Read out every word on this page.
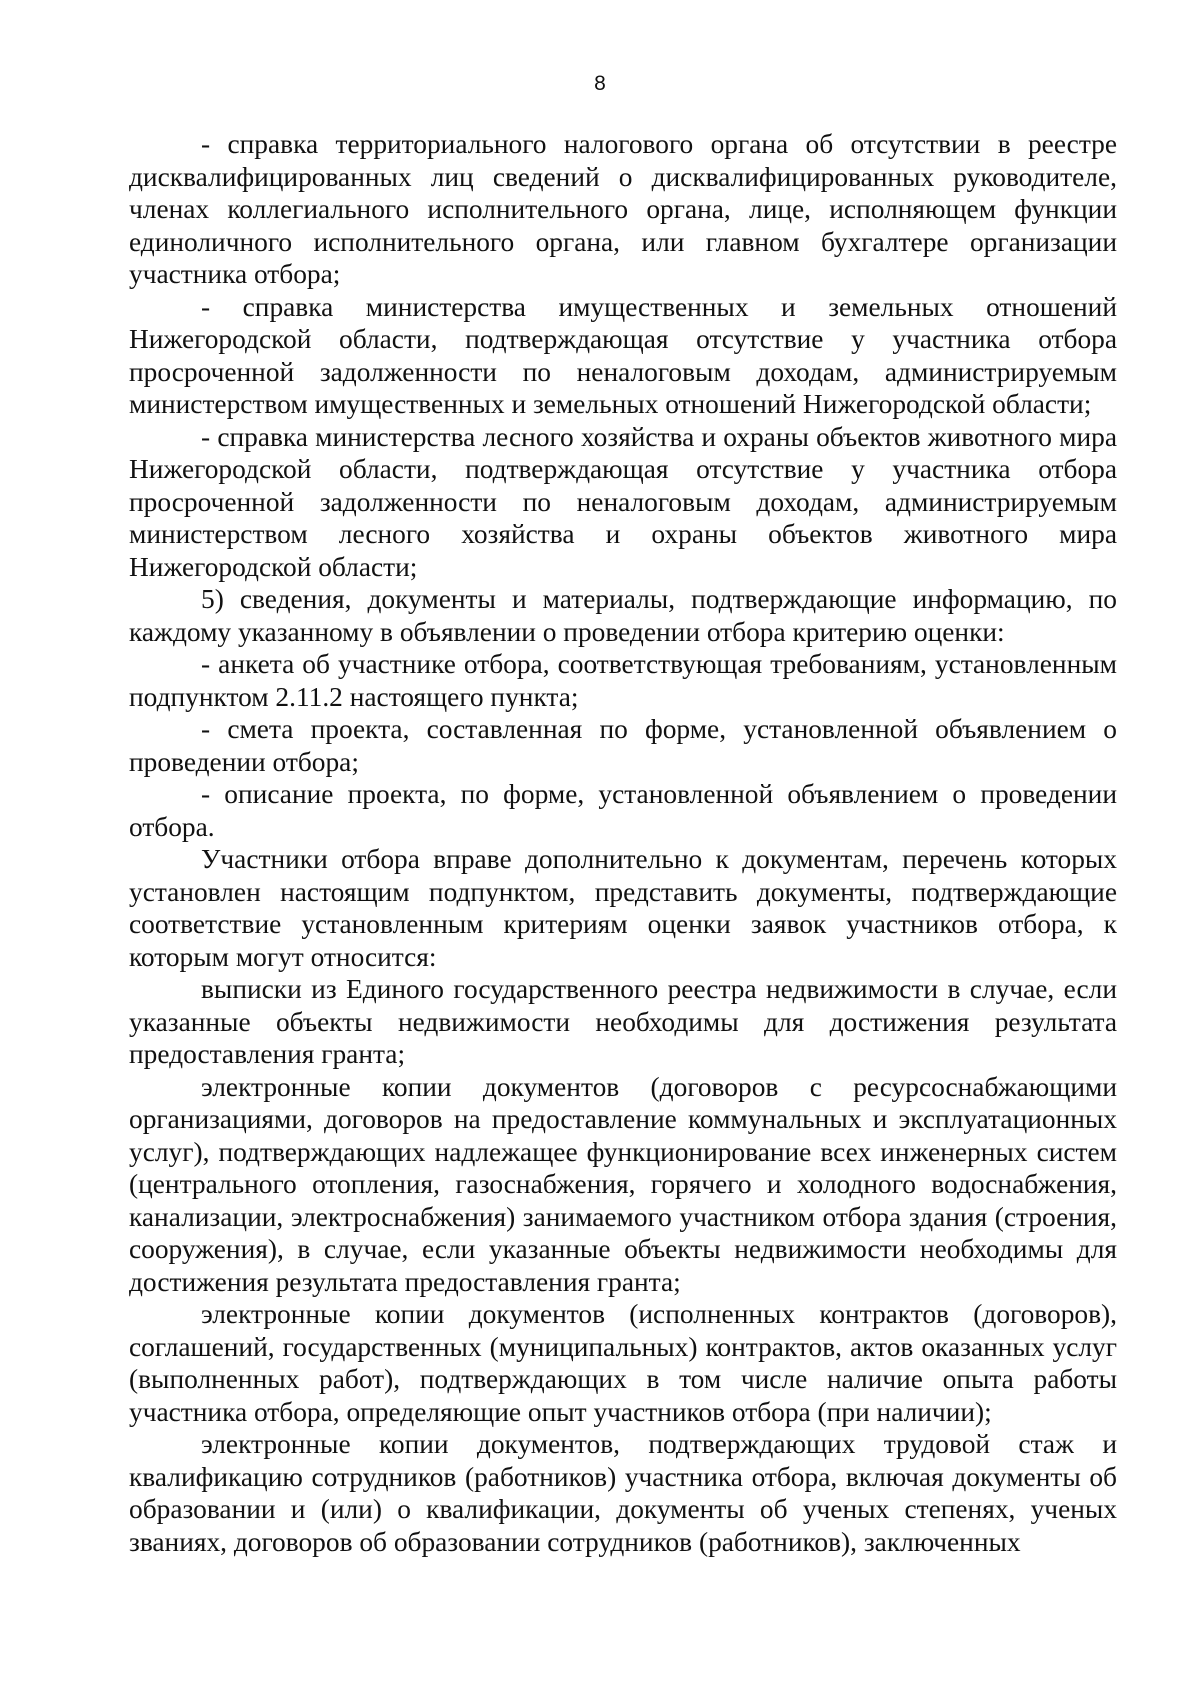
8

- справка территориального налогового органа об отсутствии в реестре дисквалифицированных лиц сведений о дисквалифицированных руководителе, членах коллегиального исполнительного органа, лице, исполняющем функции единоличного исполнительного органа, или главном бухгалтере организации участника отбора;

- справка министерства имущественных и земельных отношений Нижегородской области, подтверждающая отсутствие у участника отбора просроченной задолженности по неналоговым доходам, администрируемым министерством имущественных и земельных отношений Нижегородской области;

- справка министерства лесного хозяйства и охраны объектов животного мира Нижегородской области, подтверждающая отсутствие у участника отбора просроченной задолженности по неналоговым доходам, администрируемым министерством лесного хозяйства и охраны объектов животного мира Нижегородской области;

5) сведения, документы и материалы, подтверждающие информацию, по каждому указанному в объявлении о проведении отбора критерию оценки:

- анкета об участнике отбора, соответствующая требованиям, установленным подпунктом 2.11.2 настоящего пункта;

- смета проекта, составленная по форме, установленной объявлением о проведении отбора;

- описание проекта, по форме, установленной объявлением о проведении отбора.

Участники отбора вправе дополнительно к документам, перечень которых установлен настоящим подпунктом, представить документы, подтверждающие соответствие установленным критериям оценки заявок участников отбора, к которым могут относится:

выписки из Единого государственного реестра недвижимости в случае, если указанные объекты недвижимости необходимы для достижения результата предоставления гранта;

электронные копии документов (договоров с ресурсоснабжающими организациями, договоров на предоставление коммунальных и эксплуатационных услуг), подтверждающих надлежащее функционирование всех инженерных систем (центрального отопления, газоснабжения, горячего и холодного водоснабжения, канализации, электроснабжения) занимаемого участником отбора здания (строения, сооружения), в случае, если указанные объекты недвижимости необходимы для достижения результата предоставления гранта;

электронные копии документов (исполненных контрактов (договоров), соглашений, государственных (муниципальных) контрактов, актов оказанных услуг (выполненных работ), подтверждающих в том числе наличие опыта работы участника отбора, определяющие опыт участников отбора (при наличии);

электронные копии документов, подтверждающих трудовой стаж и квалификацию сотрудников (работников) участника отбора, включая документы об образовании и (или) о квалификации, документы об ученых степенях, ученых званиях, договоров об образовании сотрудников (работников), заключенных
